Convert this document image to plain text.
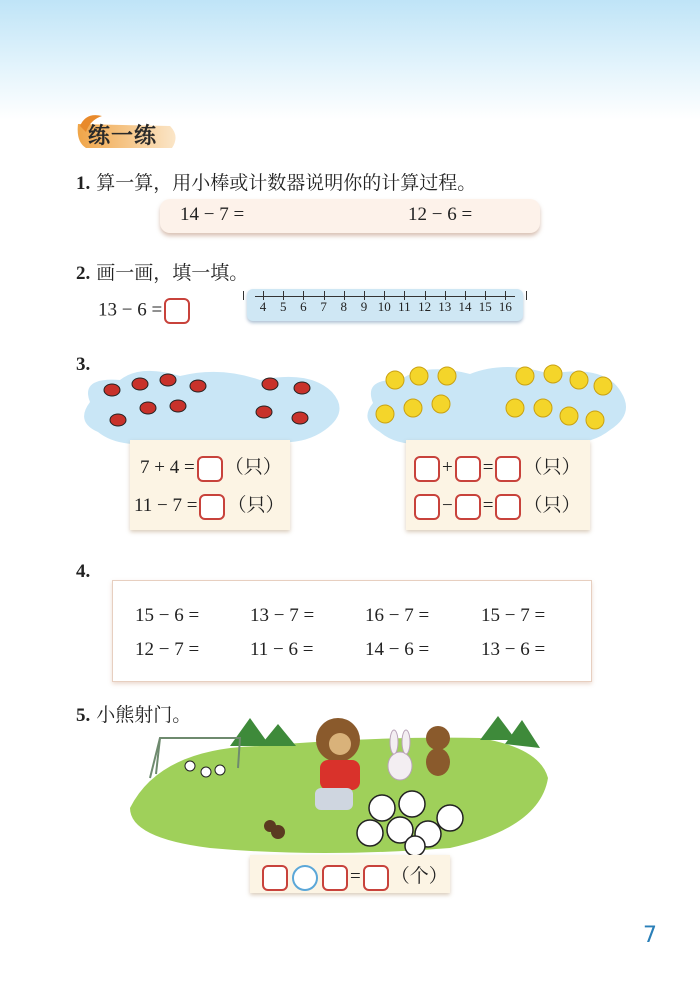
练一练
1. 算一算，用小棒或计数器说明你的计算过程。
14 − 7 =	12 − 6 =
2. 画一画，填一填。
13 − 6 =	4 5 6 7 8 9 10 11 12 13 14 15 16
3.
7 + 4 = （只）
11 − 7 = （只）
+ = （只）
− = （只）
4.
15 − 6 =	13 − 7 =	16 − 7 =	15 − 7 =
12 − 7 =	11 − 6 =	14 − 6 =	13 − 6 =
5. 小熊射门。
= （个）
7
